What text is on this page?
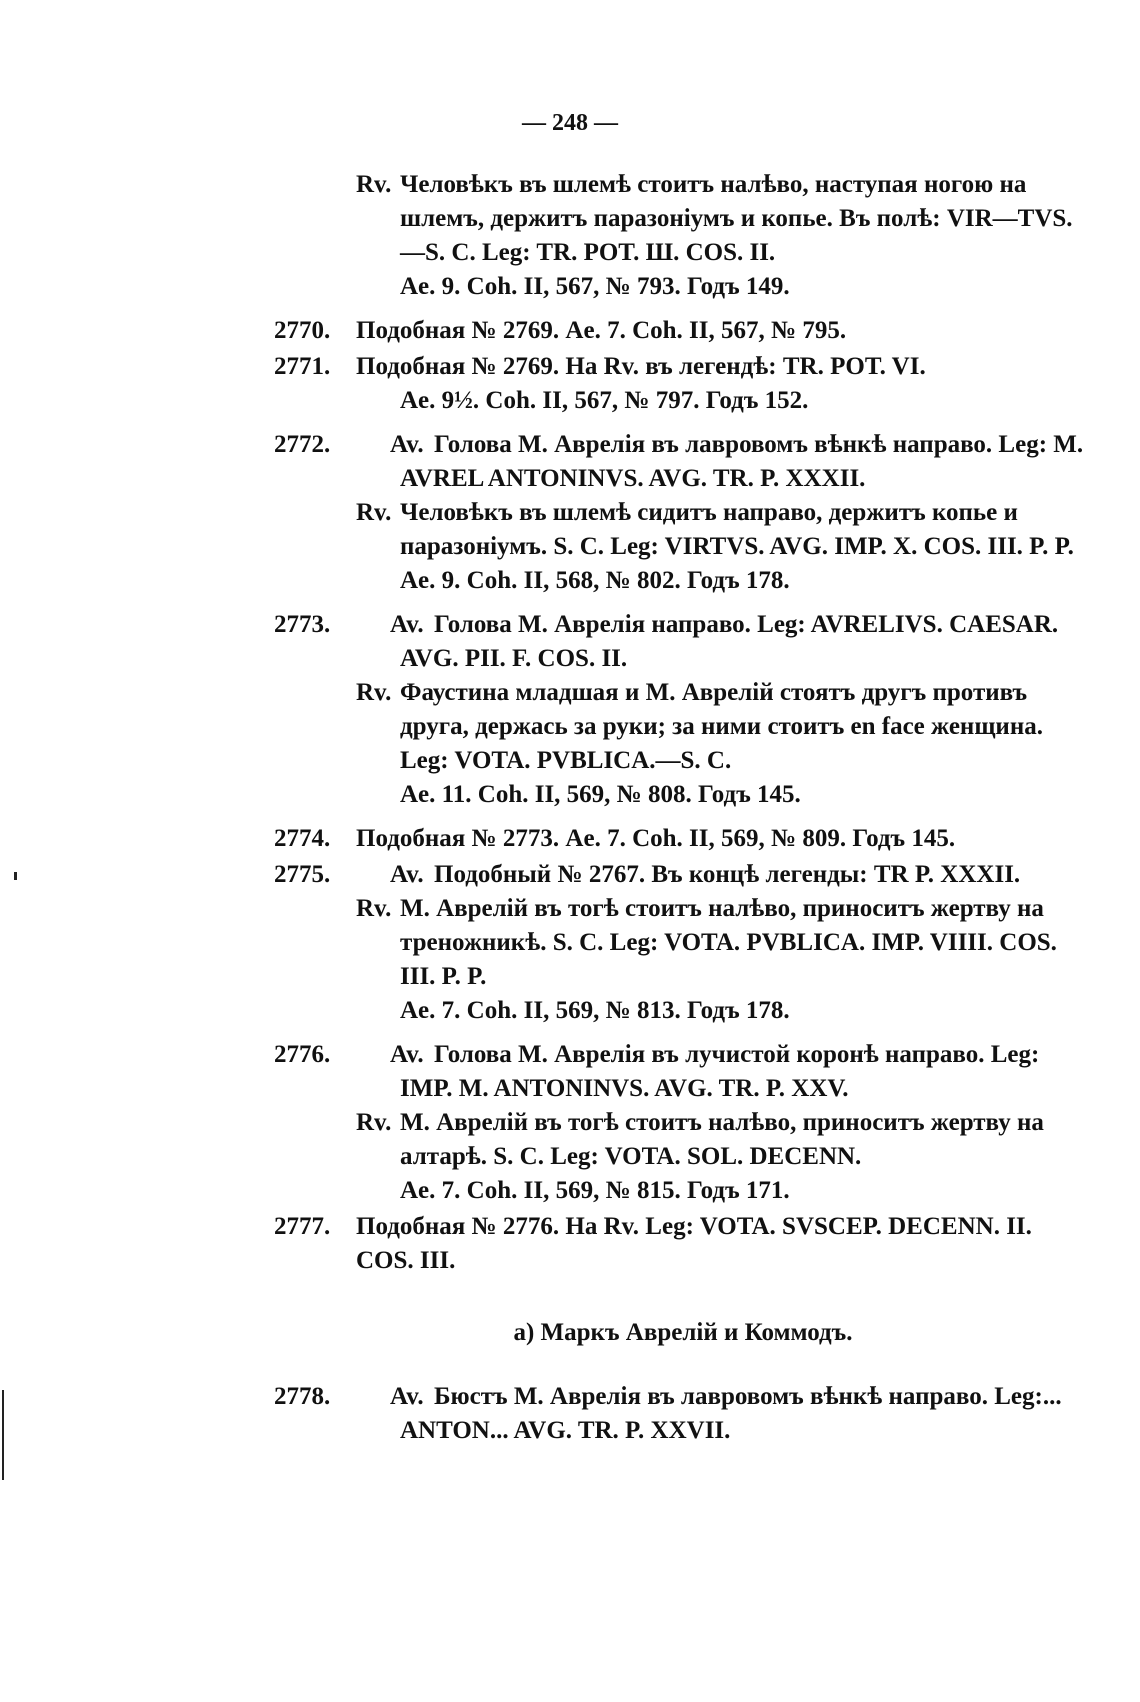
— 248 —
Rv. Человѣкъ въ шлемѣ стоитъ налѣво, наступая ногою на шлемъ, держитъ паразоніумъ и копье. Въ полѣ: VIR—TVS.—S. C. Leg: TR. POT. Ш. COS. II.
Ae. 9. Coh. II, 567, № 793. Годъ 149.
2770.	Подобная № 2769. Ae. 7. Coh. II, 567, № 795.
2771.	Подобная № 2769. На Rv. въ легендѣ: TR. POT. VI.
Ae. 9½. Coh. II, 567, № 797. Годъ 152.
2772.	Av. Голова М. Аврелія въ лавровомъ вѣнкѣ направо. Leg: M. AVREL ANTONINVS. AVG. TR. P. XXXII.
Rv. Человѣкъ въ шлемѣ сидитъ направо, держитъ копье и паразоніумъ. S. C. Leg: VIRTVS. AVG. IMP. X. COS. III. P. P.
Ae. 9. Coh. II, 568, № 802. Годъ 178.
2773.	Av. Голова М. Аврелія направо. Leg: AVRELIVS. CAESAR. AVG. PII. F. COS. II.
Rv. Фаустина младшая и М. Аврелій стоятъ другъ противъ друга, держась за руки; за ними стоитъ en face женщина. Leg: VOTA. PVBLICA.—S. C.
Ae. 11. Coh. II, 569, № 808. Годъ 145.
2774.	Подобная № 2773. Ae. 7. Coh. II, 569, № 809. Годъ 145.
2775.	Av. Подобный № 2767. Въ концѣ легенды: TR P. XXXII.
Rv. М. Аврелій въ тогѣ стоитъ налѣво, приноситъ жертву на треножникѣ. S. C. Leg: VOTA. PVBLICA. IMP. VIIII. COS. III. P. P.
Ae. 7. Coh. II, 569, № 813. Годъ 178.
2776.	Av. Голова М. Аврелія въ лучистой коронѣ направо. Leg: IMP. M. ANTONINVS. AVG. TR. P. XXV.
Rv. М. Аврелій въ тогѣ стоитъ налѣво, приноситъ жертву на алтарѣ. S. C. Leg: VOTA. SOL. DECENN.
Ae. 7. Coh. II, 569, № 815. Годъ 171.
2777.	Подобная № 2776. На Rv. Leg: VOTA. SVSCEP. DECENN. II. COS. III.
a) Маркъ Аврелій и Коммодъ.
2778.	Av. Бюстъ М. Аврелія въ лавровомъ вѣнкѣ направо. Leg:... ANTON... AVG. TR. P. XXVII.
